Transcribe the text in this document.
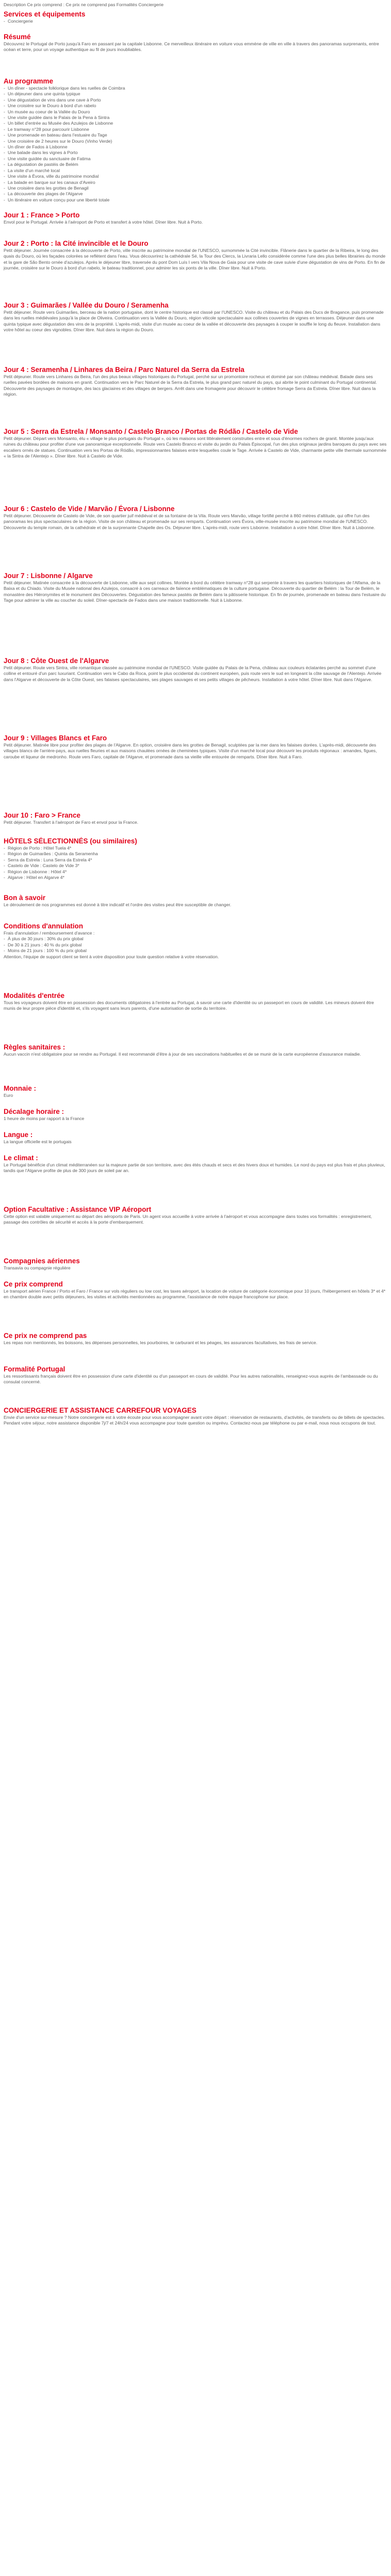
Description Ce prix comprend : Ce prix ne comprend pas Formalités Conciergerie

Services et équipements
- Conciergerie
Résumé

Découvrez le Portugal de Porto jusqu'à Faro en passant par la capitale Lisbonne. Ce merveilleux itinéraire en voiture vous emmène de ville en ville à travers des panoramas surprenants, entre océan et terre, pour un voyage authentique au fil de jours inoubliables.

Au programme
- Un dîner - spectacle folklorique dans les ruelles de Coimbra
- Un déjeuner dans une quinta typique
- Une dégustation de vins dans une cave à Porto
- Une croisière sur le Douro à bord d'un rabelo
- Un musée au coeur de la Vallée du Douro
- Une visite guidée dans le Palais de la Pena à Sintra
- Un billet d'entrée au Musée des Azulejos de Lisbonne
- Le tramway n°28 pour parcourir Lisbonne
- Une promenade en bateau dans l'estuaire du Tage
- Une croisière de 2 heures sur le Douro (Vinho Verde)
- Un dîner de Fados à Lisbonne
- Une balade dans les vignes à Porto
- Une visite guidée du sanctuaire de Fatima
- La dégustation de pastéis de Belém
- La visite d'un marché local
- Une visite à Évora, ville du patrimoine mondial
- La balade en barque sur les canaux d'Aveiro
- Une croisière dans les grottes de Benagil
- La découverte des plages de l'Algarve
- Un itinéraire en voiture conçu pour une liberté totale
Jour 1 : France > Porto

Envol pour le Portugal. Arrivée à l'aéroport de Porto et transfert à votre hôtel. Dîner libre. Nuit à Porto.

Jour 2 : Porto : la Cité invincible et le Douro

Petit déjeuner. Journée consacrée à la découverte de Porto, ville inscrite au patrimoine mondial de l'UNESCO, surnommée la Cité invincible. Flânerie dans le quartier de la Ribeira, le long des quais du Douro, où les façades colorées se reflètent dans l'eau. Vous découvrirez la cathédrale Sé, la Tour des Clercs, la Livraria Lello considérée comme l'une des plus belles librairies du monde et la gare de São Bento ornée d'azulejos. Après le déjeuner libre, traversée du pont Dom Luís I vers Vila Nova de Gaia pour une visite de cave suivie d'une dégustation de vins de Porto. En fin de journée, croisière sur le Douro à bord d'un rabelo, le bateau traditionnel, pour admirer les six ponts de la ville. Dîner libre. Nuit à Porto.

Jour 3 : Guimarães / Vallée du Douro / Seramenha

Petit déjeuner. Route vers Guimarães, berceau de la nation portugaise, dont le centre historique est classé par l'UNESCO. Visite du château et du Palais des Ducs de Bragance, puis promenade dans les ruelles médiévales jusqu'à la place de Oliveira. Continuation vers la Vallée du Douro, région viticole spectaculaire aux collines couvertes de vignes en terrasses. Déjeuner dans une quinta typique avec dégustation des vins de la propriété. L'après-midi, visite d'un musée au coeur de la vallée et découverte des paysages à couper le souffle le long du fleuve. Installation dans votre hôtel au coeur des vignobles. Dîner libre. Nuit dans la région du Douro.

Jour 4 : Seramenha / Linhares da Beira / Parc Naturel da Serra da Estrela

Petit déjeuner. Route vers Linhares da Beira, l'un des plus beaux villages historiques du Portugal, perché sur un promontoire rocheux et dominé par son château médiéval. Balade dans ses ruelles pavées bordées de maisons en granit. Continuation vers le Parc Naturel de la Serra da Estrela, le plus grand parc naturel du pays, qui abrite le point culminant du Portugal continental. Découverte des paysages de montagne, des lacs glaciaires et des villages de bergers. Arrêt dans une fromagerie pour découvrir le célèbre fromage Serra da Estrela. Dîner libre. Nuit dans la région.

Jour 5 : Serra da Estrela / Monsanto / Castelo Branco / Portas de Ródão / Castelo de Vide

Petit déjeuner. Départ vers Monsanto, élu « village le plus portugais du Portugal », où les maisons sont littéralement construites entre et sous d'énormes rochers de granit. Montée jusqu'aux ruines du château pour profiter d'une vue panoramique exceptionnelle. Route vers Castelo Branco et visite du jardin du Palais Épiscopal, l'un des plus originaux jardins baroques du pays avec ses escaliers ornés de statues. Continuation vers les Portas de Ródão, impressionnantes falaises entre lesquelles coule le Tage. Arrivée à Castelo de Vide, charmante petite ville thermale surnommée « la Sintra de l'Alentejo ». Dîner libre. Nuit à Castelo de Vide.

Jour 6 : Castelo de Vide / Marvão / Évora / Lisbonne

Petit déjeuner. Découverte de Castelo de Vide, de son quartier juif médiéval et de sa fontaine de la Vila. Route vers Marvão, village fortifié perché à 860 mètres d'altitude, qui offre l'un des panoramas les plus spectaculaires de la région. Visite de son château et promenade sur ses remparts. Continuation vers Évora, ville-musée inscrite au patrimoine mondial de l'UNESCO. Découverte du temple romain, de la cathédrale et de la surprenante Chapelle des Os. Déjeuner libre. L'après-midi, route vers Lisbonne. Installation à votre hôtel. Dîner libre. Nuit à Lisbonne.

Jour 7 : Lisbonne / Algarve

Petit déjeuner. Matinée consacrée à la découverte de Lisbonne, ville aux sept collines. Montée à bord du célèbre tramway n°28 qui serpente à travers les quartiers historiques de l'Alfama, de la Baixa et du Chiado. Visite du Musée national des Azulejos, consacré à ces carreaux de faïence emblématiques de la culture portugaise. Découverte du quartier de Belém : la Tour de Belém, le monastère des Hiéronymites et le monument des Découvertes. Dégustation des fameux pastéis de Belém dans la pâtisserie historique. En fin de journée, promenade en bateau dans l'estuaire du Tage pour admirer la ville au coucher du soleil. Dîner-spectacle de Fados dans une maison traditionnelle. Nuit à Lisbonne.

Jour 8 : Côte Ouest de l'Algarve

Petit déjeuner. Route vers Sintra, ville romantique classée au patrimoine mondial de l'UNESCO. Visite guidée du Palais de la Pena, château aux couleurs éclatantes perché au sommet d'une colline et entouré d'un parc luxuriant. Continuation vers le Cabo da Roca, point le plus occidental du continent européen, puis route vers le sud en longeant la côte sauvage de l'Alentejo. Arrivée dans l'Algarve et découverte de la Côte Ouest, ses falaises spectaculaires, ses plages sauvages et ses petits villages de pêcheurs. Installation à votre hôtel. Dîner libre. Nuit dans l'Algarve.

Jour 9 : Villages Blancs et Faro

Petit déjeuner. Matinée libre pour profiter des plages de l'Algarve. En option, croisière dans les grottes de Benagil, sculptées par la mer dans les falaises dorées. L'après-midi, découverte des villages blancs de l'arrière-pays, aux ruelles fleuries et aux maisons chaulées ornées de cheminées typiques. Visite d'un marché local pour découvrir les produits régionaux : amandes, figues, caroube et liqueur de medronho. Route vers Faro, capitale de l'Algarve, et promenade dans sa vieille ville entourée de remparts. Dîner libre. Nuit à Faro.

Jour 10 : Faro > France

Petit déjeuner. Transfert à l'aéroport de Faro et envol pour la France.

HÔTELS SÉLECTIONNÉS (ou similaires)
- Région de Porto : Hôtel Tuela 4*
- Région de Guimarães : Quinta da Seramenha
- Serra da Estrela : Luna Serra da Estrela 4*
- Castelo de Vide : Castelo de Vide 3*
- Région de Lisbonne : Hôtel 4*
- Algarve : Hôtel en Algarve 4*
Bon à savoir

Le déroulement de nos programmes est donné à titre indicatif et l'ordre des visites peut être susceptible de changer.

Conditions d'annulation

Frais d'annulation / remboursement d'avance :

- À plus de 30 jours : 30% du prix global
- De 30 à 21 jours : 40 % du prix global
- Moins de 21 jours : 100 % du prix global

Attention, l'équipe de support client se tient à votre disposition pour toute question relative à votre réservation.

Modalités d'entrée

Tous les voyageurs doivent être en possession des documents obligatoires à l'entrée au Portugal, à savoir une carte d'identité ou un passeport en cours de validité. Les mineurs doivent être munis de leur propre pièce d'identité et, s'ils voyagent sans leurs parents, d'une autorisation de sortie du territoire.

Règles sanitaires :

Aucun vaccin n'est obligatoire pour se rendre au Portugal. Il est recommandé d'être à jour de ses vaccinations habituelles et de se munir de la carte européenne d'assurance maladie.

Monnaie :

Euro

Décalage horaire :

1 heure de moins par rapport à la France

Langue :

La langue officielle est le portugais

Le climat :

Le Portugal bénéficie d'un climat méditerranéen sur la majeure partie de son territoire, avec des étés chauds et secs et des hivers doux et humides. Le nord du pays est plus frais et plus pluvieux, tandis que l'Algarve profite de plus de 300 jours de soleil par an.

Option Facultative : Assistance VIP Aéroport

Cette option est valable uniquement au départ des aéroports de Paris. Un agent vous accueille à votre arrivée à l'aéroport et vous accompagne dans toutes vos formalités : enregistrement, passage des contrôles de sécurité et accès à la porte d'embarquement.

Compagnies aériennes

Transavia ou compagnie régulière

Ce prix comprend

Le transport aérien France / Porto et Faro / France sur vols réguliers ou low cost, les taxes aéroport, la location de voiture de catégorie économique pour 10 jours, l'hébergement en hôtels 3* et 4* en chambre double avec petits déjeuners, les visites et activités mentionnées au programme, l'assistance de notre équipe francophone sur place.

Ce prix ne comprend pas

Les repas non mentionnés, les boissons, les dépenses personnelles, les pourboires, le carburant et les péages, les assurances facultatives, les frais de service.

Formalité Portugal

Les ressortissants français doivent être en possession d'une carte d'identité ou d'un passeport en cours de validité. Pour les autres nationalités, renseignez-vous auprès de l'ambassade ou du consulat concerné.

CONCIERGERIE ET ASSISTANCE CARREFOUR VOYAGES

Envie d'un service sur-mesure ? Notre conciergerie est à votre écoute pour vous accompagner avant votre départ : réservation de restaurants, d'activités, de transferts ou de billets de spectacles. Pendant votre séjour, notre assistance disponible 7j/7 et 24h/24 vous accompagne pour toute question ou imprévu. Contactez-nous par téléphone ou par e-mail, nous nous occupons de tout.
